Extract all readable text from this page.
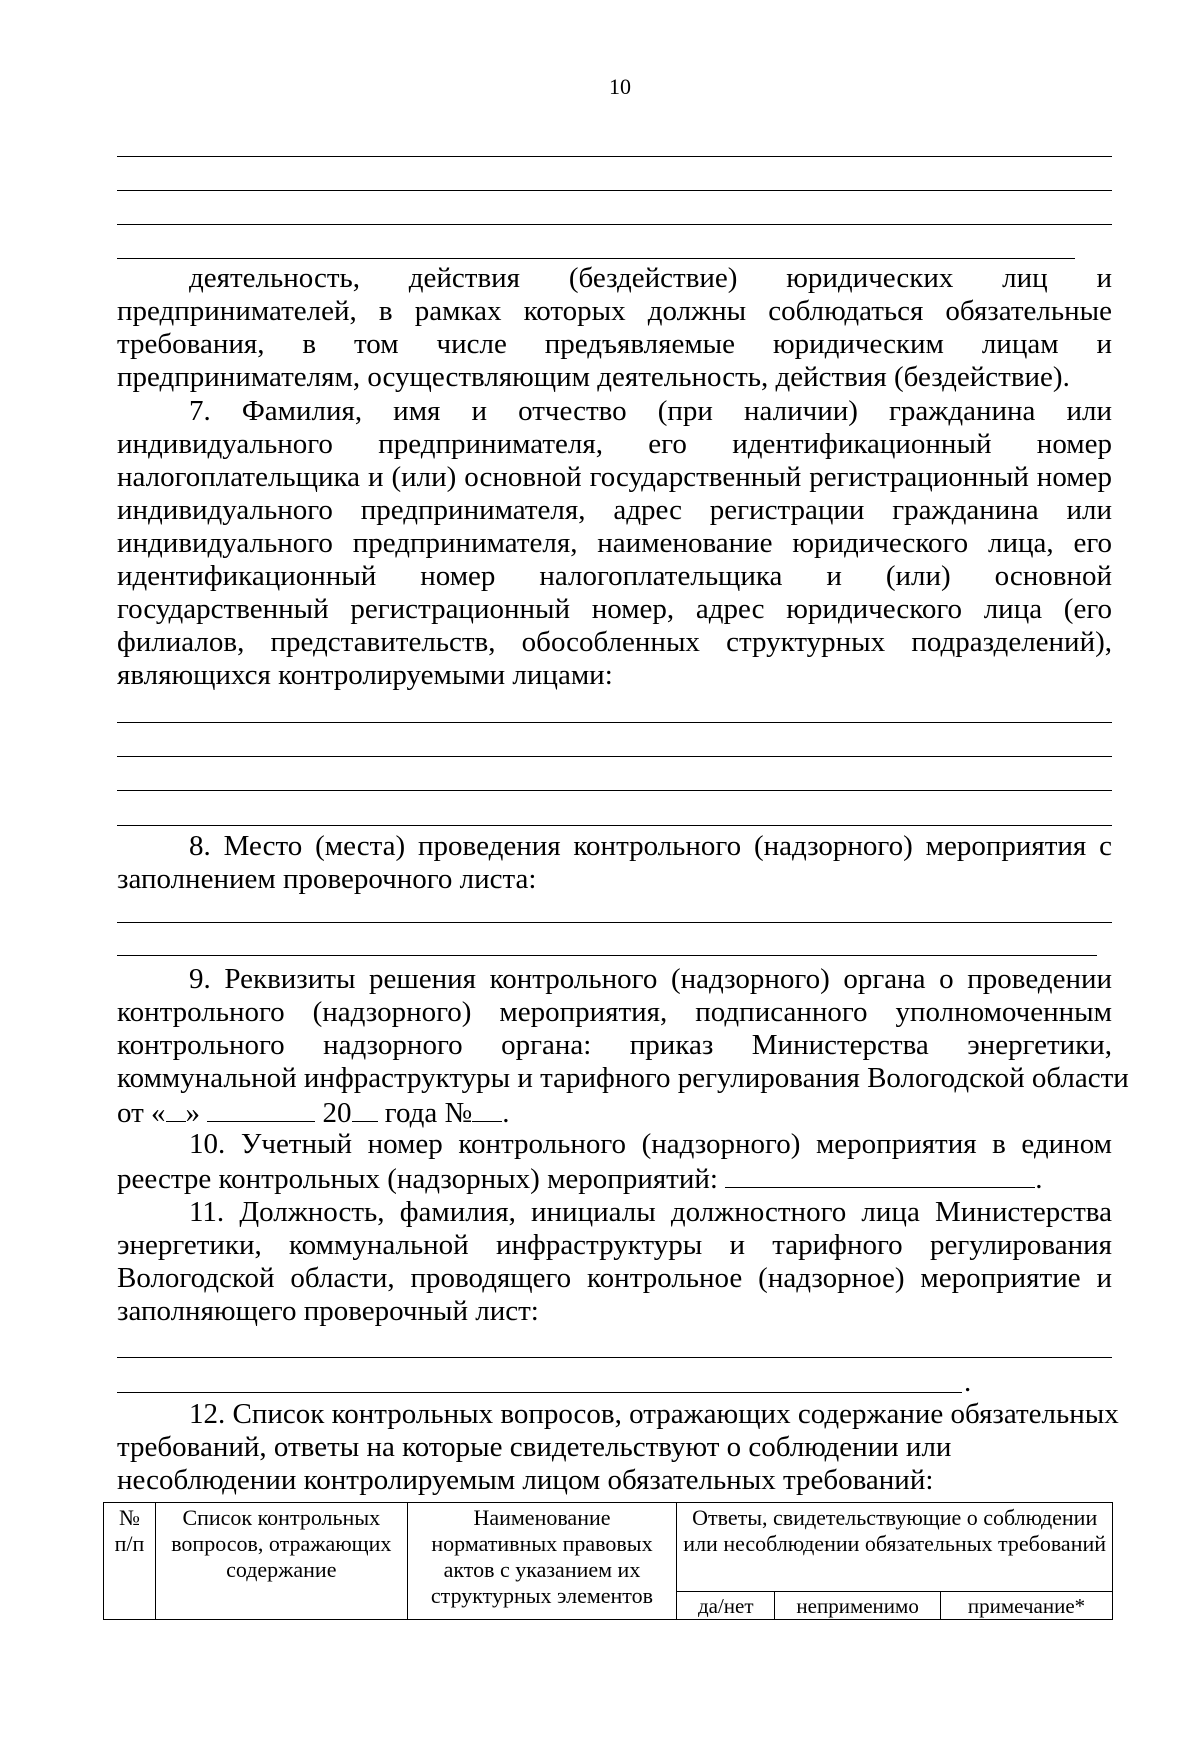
10
деятельность, действия (бездействие) юридических лиц и
предпринимателей, в рамках которых должны соблюдаться обязательные
требования, в том числе предъявляемые юридическим лицам и
предпринимателям, осуществляющим деятельность, действия (бездействие).
7. Фамилия, имя и отчество (при наличии) гражданина или
индивидуального предпринимателя, его идентификационный номер
налогоплательщика и (или) основной государственный регистрационный номер
индивидуального предпринимателя, адрес регистрации гражданина или
индивидуального предпринимателя, наименование юридического лица, его
идентификационный номер налогоплательщика и (или) основной
государственный регистрационный номер, адрес юридического лица (его
филиалов, представительств, обособленных структурных подразделений),
являющихся контролируемыми лицами:
8. Место (места) проведения контрольного (надзорного) мероприятия с
заполнением проверочного листа:
9. Реквизиты решения контрольного (надзорного) органа о проведении
контрольного (надзорного) мероприятия, подписанного уполномоченным
контрольного надзорного органа: приказ Министерства энергетики,
коммунальной инфраструктуры и тарифного регулирования Вологодской области
от « »	20 года № .
10. Учетный номер контрольного (надзорного) мероприятия в едином
реестре контрольных (надзорных) мероприятий:	.
11. Должность, фамилия, инициалы должностного лица Министерства
энергетики, коммунальной инфраструктуры и тарифного регулирования
Вологодской области, проводящего контрольное (надзорное) мероприятие и
заполняющего проверочный лист:
.
12. Список контрольных вопросов, отражающих содержание обязательных
требований, ответы на которые свидетельствуют о соблюдении или
несоблюдении контролируемым лицом обязательных требований:
№ п/п	Список контрольных вопросов, отражающих содержание	Наименование нормативных правовых актов с указанием их структурных элементов	Ответы, свидетельствующие о соблюдении или несоблюдении обязательных требований		
			да/нет	неприменимо	примечание*
